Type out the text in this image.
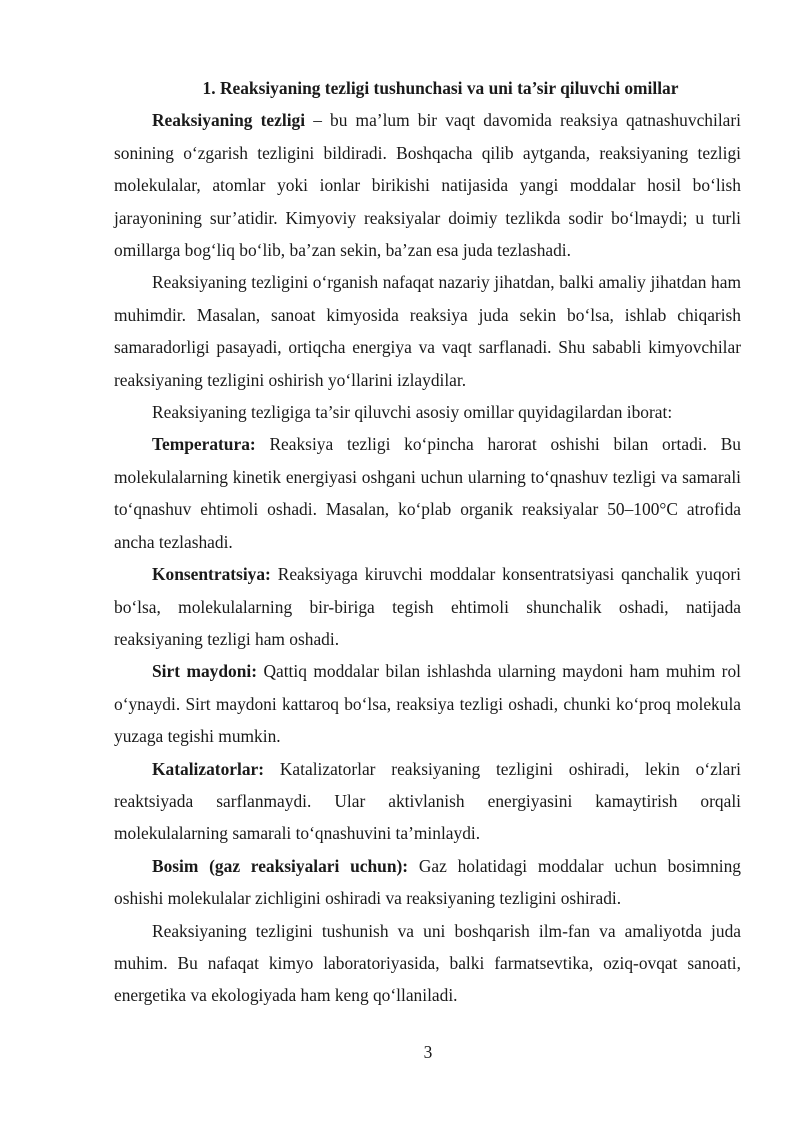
1. Reaksiyaning tezligi tushunchasi va uni ta’sir qiluvchi omillar

Reaksiyaning tezligi – bu ma’lum bir vaqt davomida reaksiya qatnashuvchilari sonining o‘zgarish tezligini bildiradi. Boshqacha qilib aytganda, reaksiyaning tezligi molekulalar, atomlar yoki ionlar birikishi natijasida yangi moddalar hosil bo‘lish jarayonining sur’atidir. Kimyoviy reaksiyalar doimiy tezlikda sodir bo‘lmaydi; u turli omillarga bog‘liq bo‘lib, ba’zan sekin, ba’zan esa juda tezlashadi.

Reaksiyaning tezligini o‘rganish nafaqat nazariy jihatdan, balki amaliy jihatdan ham muhimdir. Masalan, sanoat kimyosida reaksiya juda sekin bo‘lsa, ishlab chiqarish samaradorligi pasayadi, ortiqcha energiya va vaqt sarflanadi. Shu sababli kimyovchilar reaksiyaning tezligini oshirish yo‘llarini izlaydilar.

Reaksiyaning tezligiga ta’sir qiluvchi asosiy omillar quyidagilardan iborat:

Temperatura: Reaksiya tezligi ko‘pincha harorat oshishi bilan ortadi. Bu molekulalarning kinetik energiyasi oshgani uchun ularning to‘qnashuv tezligi va samarali to‘qnashuv ehtimoli oshadi. Masalan, ko‘plab organik reaksiyalar 50–100°C atrofida ancha tezlashadi.

Konsentratsiya: Reaksiyaga kiruvchi moddalar konsentratsiyasi qanchalik yuqori bo‘lsa, molekulalarning bir-biriga tegish ehtimoli shunchalik oshadi, natijada reaksiyaning tezligi ham oshadi.

Sirt maydoni: Qattiq moddalar bilan ishlashda ularning maydoni ham muhim rol o‘ynaydi. Sirt maydoni kattaroq bo‘lsa, reaksiya tezligi oshadi, chunki ko‘proq molekula yuzaga tegishi mumkin.

Katalizatorlar: Katalizatorlar reaksiyaning tezligini oshiradi, lekin o‘zlari reaktsiyada sarflanmaydi. Ular aktivlanish energiyasini kamaytirish orqali molekulalarning samarali to‘qnashuvini ta’minlaydi.

Bosim (gaz reaksiyalari uchun): Gaz holatidagi moddalar uchun bosimning oshishi molekulalar zichligini oshiradi va reaksiyaning tezligini oshiradi.

Reaksiyaning tezligini tushunish va uni boshqarish ilm-fan va amaliyotda juda muhim. Bu nafaqat kimyo laboratoriyasida, balki farmatsevtika, oziq-ovqat sanoati, energetika va ekologiyada ham keng qo‘llaniladi.

3
